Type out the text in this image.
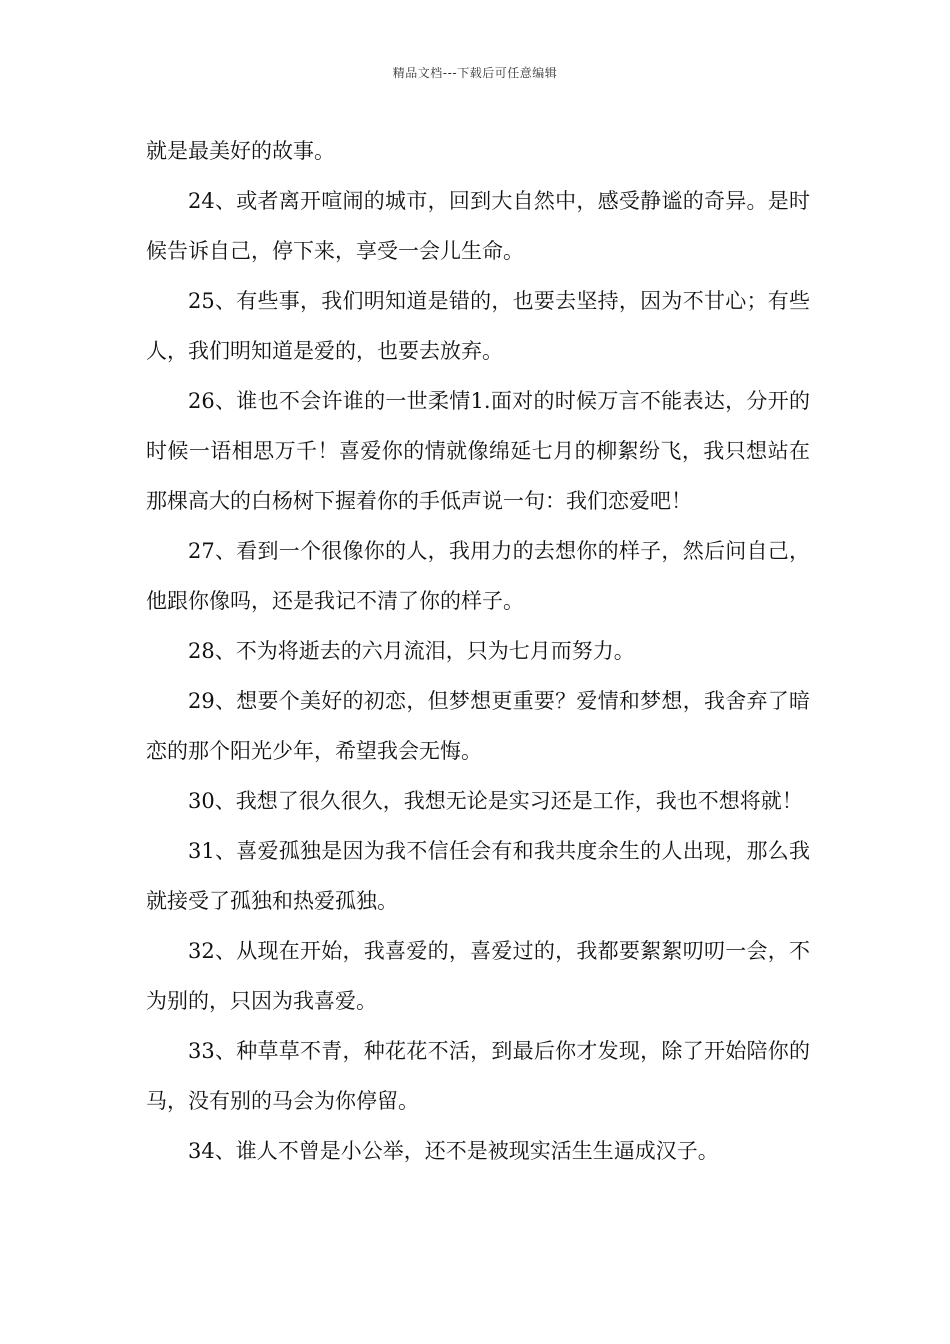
精品文档---下载后可任意编辑

就是最美好的故事。

24、或者离开喧闹的城市，回到大自然中，感受静谧的奇异。是时候告诉自己，停下来，享受一会儿生命。

25、有些事，我们明知道是错的，也要去坚持，因为不甘心；有些人，我们明知道是爱的，也要去放弃。

26、谁也不会许谁的一世柔情1.面对的时候万言不能表达，分开的时候一语相思万千！喜爱你的情就像绵延七月的柳絮纷飞，我只想站在那棵高大的白杨树下握着你的手低声说一句：我们恋爱吧！

27、看到一个很像你的人，我用力的去想你的样子，然后问自己，他跟你像吗，还是我记不清了你的样子。

28、不为将逝去的六月流泪，只为七月而努力。

29、想要个美好的初恋，但梦想更重要？爱情和梦想，我舍弃了暗恋的那个阳光少年，希望我会无悔。

30、我想了很久很久，我想无论是实习还是工作，我也不想将就！

31、喜爱孤独是因为我不信任会有和我共度余生的人出现，那么我就接受了孤独和热爱孤独。

32、从现在开始，我喜爱的，喜爱过的，我都要絮絮叨叨一会，不为别的，只因为我喜爱。

33、种草草不青，种花花不活，到最后你才发现，除了开始陪你的马，没有别的马会为你停留。

34、谁人不曾是小公举，还不是被现实活生生逼成汉子。
